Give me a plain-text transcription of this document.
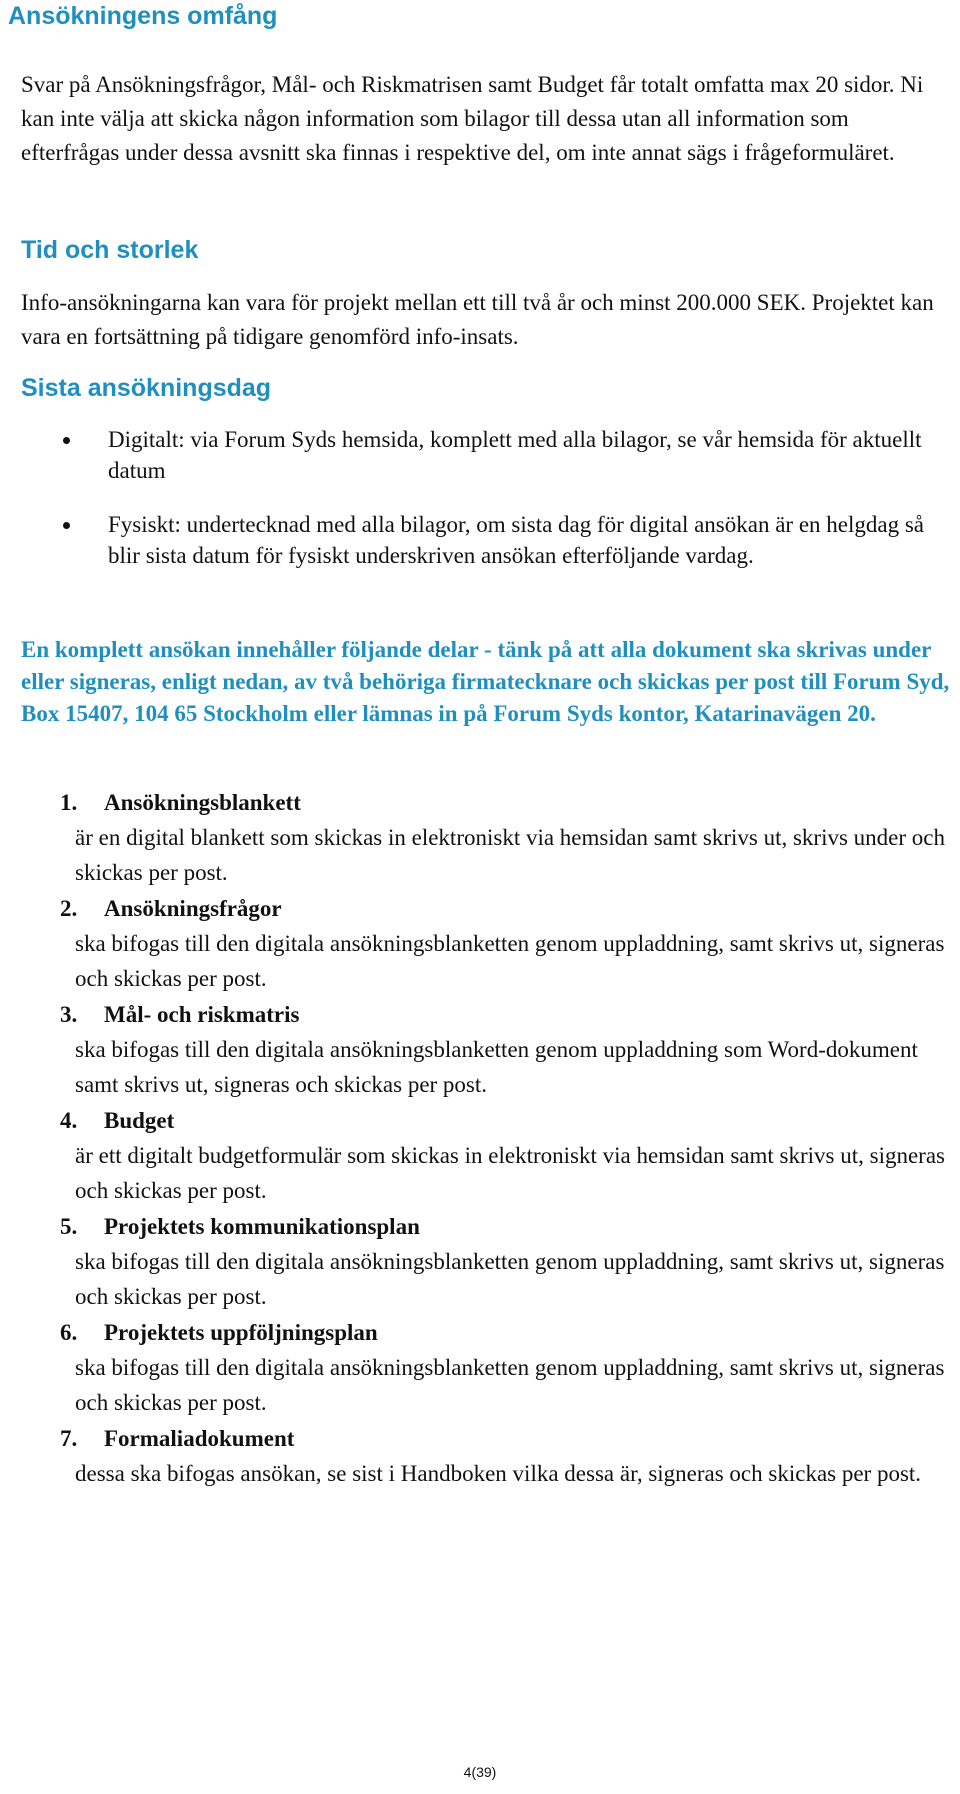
Ansökningens omfång

Svar på Ansökningsfrågor, Mål- och Riskmatrisen samt Budget får totalt omfatta max 20 sidor. Ni kan inte välja att skicka någon information som bilagor till dessa utan all information som efterfrågas under dessa avsnitt ska finnas i respektive del, om inte annat sägs i frågeformuläret.

Tid och storlek

Info-ansökningarna kan vara för projekt mellan ett till två år och minst 200.000 SEK. Projektet kan vara en fortsättning på tidigare genomförd info-insats.

Sista ansökningsdag
Digitalt: via Forum Syds hemsida, komplett med alla bilagor, se vår hemsida för aktuellt datum
Fysiskt: undertecknad med alla bilagor, om sista dag för digital ansökan är en helgdag så blir sista datum för fysiskt underskriven ansökan efterföljande vardag.

En komplett ansökan innehåller följande delar - tänk på att alla dokument ska skrivas under eller signeras, enligt nedan, av två behöriga firmatecknare och skickas per post till Forum Syd, Box 15407, 104 65 Stockholm eller lämnas in på Forum Syds kontor, Katarinavägen 20.

1. Ansökningsblankett
är en digital blankett som skickas in elektroniskt via hemsidan samt skrivs ut, skrivs under och skickas per post.
2. Ansökningsfrågor
ska bifogas till den digitala ansökningsblanketten genom uppladdning, samt skrivs ut, signeras och skickas per post.
3. Mål- och riskmatris
ska bifogas till den digitala ansökningsblanketten genom uppladdning som Word-dokument samt skrivs ut, signeras och skickas per post.
4. Budget
är ett digitalt budgetformulär som skickas in elektroniskt via hemsidan samt skrivs ut, signeras och skickas per post.
5. Projektets kommunikationsplan
ska bifogas till den digitala ansökningsblanketten genom uppladdning, samt skrivs ut, signeras och skickas per post.
6. Projektets uppföljningsplan
ska bifogas till den digitala ansökningsblanketten genom uppladdning, samt skrivs ut, signeras och skickas per post.
7. Formaliadokument
dessa ska bifogas ansökan, se sist i Handboken vilka dessa är, signeras och skickas per post.

4(39)
